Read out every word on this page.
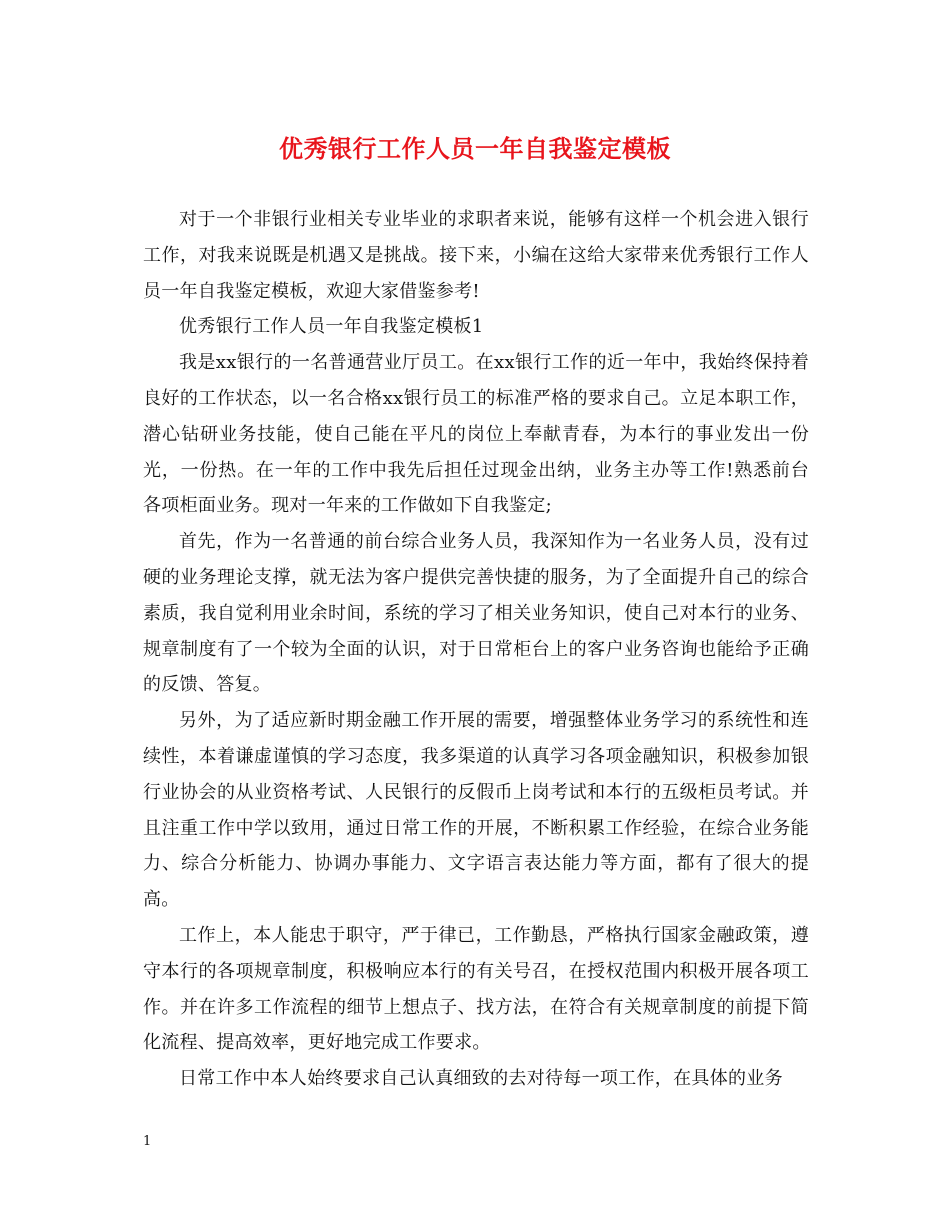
优秀银行工作人员一年自我鉴定模板

对于一个非银行业相关专业毕业的求职者来说，能够有这样一个机会进入银行工作，对我来说既是机遇又是挑战。接下来，小编在这给大家带来优秀银行工作人员一年自我鉴定模板，欢迎大家借鉴参考!

优秀银行工作人员一年自我鉴定模板1

我是xx银行的一名普通营业厅员工。在xx银行工作的近一年中，我始终保持着良好的工作状态，以一名合格xx银行员工的标准严格的要求自己。立足本职工作，潜心钻研业务技能，使自己能在平凡的岗位上奉献青春，为本行的事业发出一份光，一份热。在一年的工作中我先后担任过现金出纳，业务主办等工作!熟悉前台各项柜面业务。现对一年来的工作做如下自我鉴定;

首先，作为一名普通的前台综合业务人员，我深知作为一名业务人员，没有过硬的业务理论支撑，就无法为客户提供完善快捷的服务，为了全面提升自己的综合素质，我自觉利用业余时间，系统的学习了相关业务知识，使自己对本行的业务、规章制度有了一个较为全面的认识，对于日常柜台上的客户业务咨询也能给予正确的反馈、答复。

另外，为了适应新时期金融工作开展的需要，增强整体业务学习的系统性和连续性，本着谦虚谨慎的学习态度，我多渠道的认真学习各项金融知识，积极参加银行业协会的从业资格考试、人民银行的反假币上岗考试和本行的五级柜员考试。并且注重工作中学以致用，通过日常工作的开展，不断积累工作经验，在综合业务能力、综合分析能力、协调办事能力、文字语言表达能力等方面，都有了很大的提高。

工作上，本人能忠于职守，严于律已，工作勤恳，严格执行国家金融政策，遵守本行的各项规章制度，积极响应本行的有关号召，在授权范围内积极开展各项工作。并在许多工作流程的细节上想点子、找方法，在符合有关规章制度的前提下简化流程、提高效率，更好地完成工作要求。

日常工作中本人始终要求自己认真细致的去对待每一项工作，在具体的业务

1
